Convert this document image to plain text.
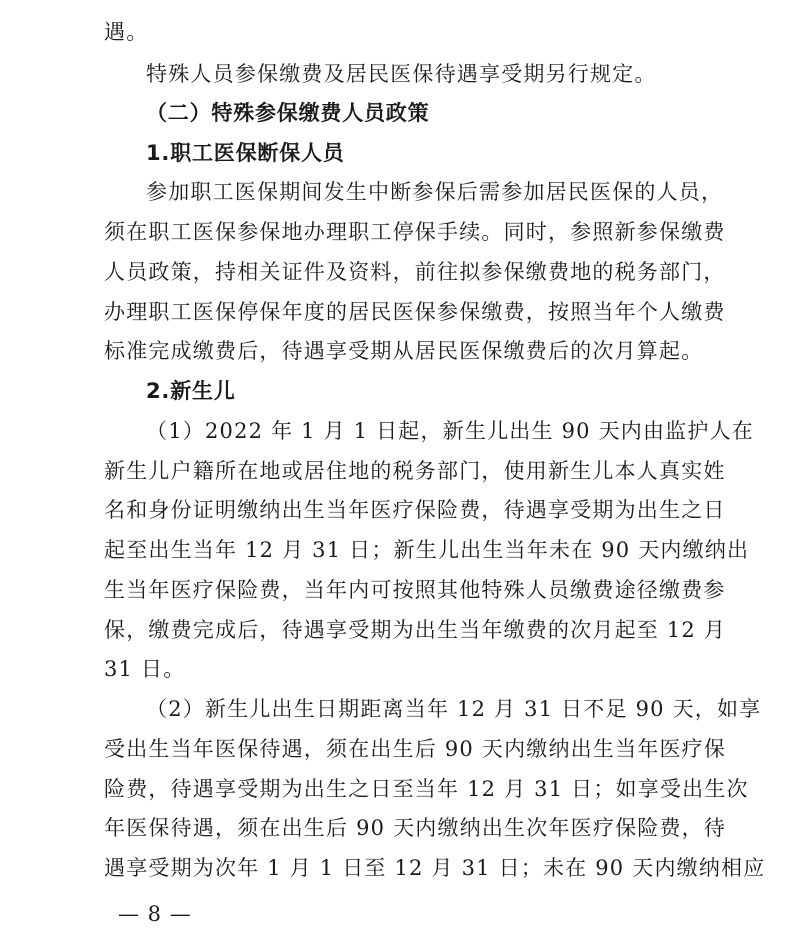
遇。
特殊人员参保缴费及居民医保待遇享受期另行规定。
（二）特殊参保缴费人员政策
1.职工医保断保人员
参加职工医保期间发生中断参保后需参加居民医保的人员，
须在职工医保参保地办理职工停保手续。同时，参照新参保缴费
人员政策，持相关证件及资料，前往拟参保缴费地的税务部门，
办理职工医保停保年度的居民医保参保缴费，按照当年个人缴费
标准完成缴费后，待遇享受期从居民医保缴费后的次月算起。
2.新生儿
（1）2022 年 1 月 1 日起，新生儿出生 90 天内由监护人在
新生儿户籍所在地或居住地的税务部门，使用新生儿本人真实姓
名和身份证明缴纳出生当年医疗保险费，待遇享受期为出生之日
起至出生当年 12 月 31 日；新生儿出生当年未在 90 天内缴纳出
生当年医疗保险费，当年内可按照其他特殊人员缴费途径缴费参
保，缴费完成后，待遇享受期为出生当年缴费的次月起至 12 月
31 日。
（2）新生儿出生日期距离当年 12 月 31 日不足 90 天，如享
受出生当年医保待遇，须在出生后 90 天内缴纳出生当年医疗保
险费，待遇享受期为出生之日至当年 12 月 31 日；如享受出生次
年医保待遇，须在出生后 90 天内缴纳出生次年医疗保险费，待
遇享受期为次年 1 月 1 日至 12 月 31 日；未在 90 天内缴纳相应
— 8 —
